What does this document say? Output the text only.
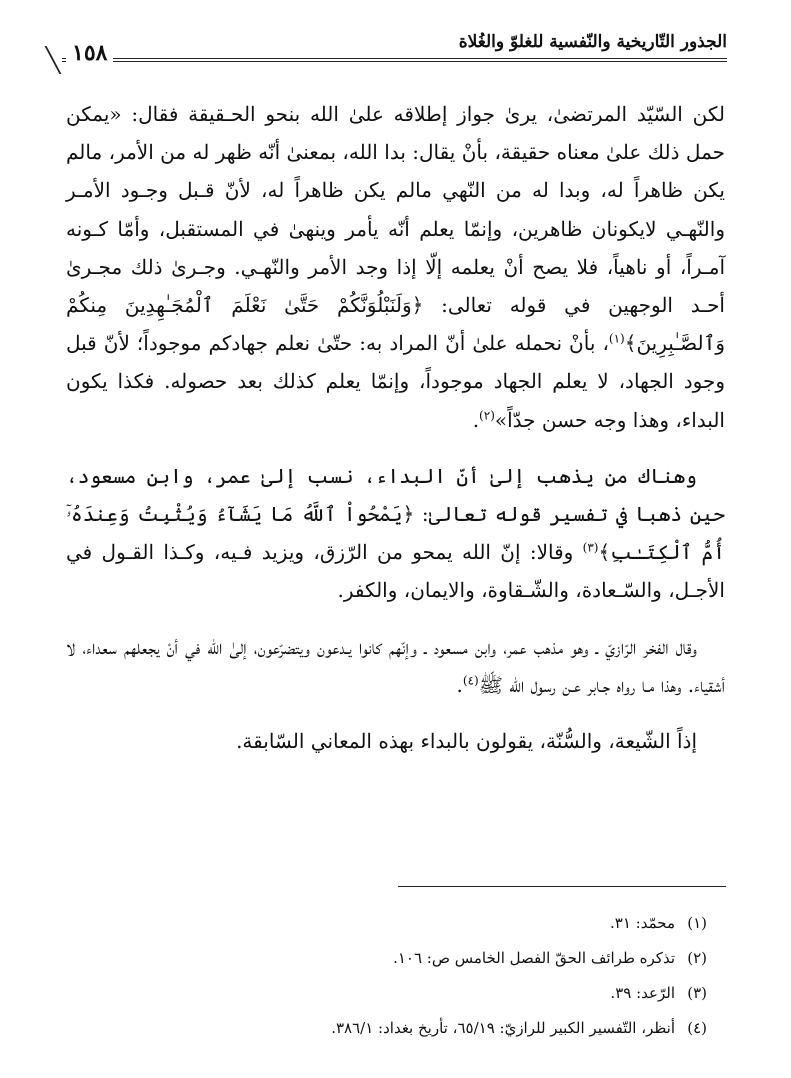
الجذور التّاريخية والنّفسية للغلوّ والغُلاة
١٥٨

لكن السّيّد المرتضىٰ، يرىٰ جواز إطلاقه علىٰ الله بنحو الحـقيقة فقال: «يمكن حمل ذلك علىٰ معناه حقيقة، بأنْ يقال: بدا الله، بمعنىٰ أنّه ظهر له من الأمر، مالم يكن ظاهراً له، وبدا له من النّهي مالم يكن ظاهراً له، لأنّ قـبل وجـود الأمـر والنّهـي لايكونان ظاهرين، وإنمّا يعلم أنّه يأمر وينهىٰ في المستقبل، وأمّا كـونه آمـراً، أو ناهياً، فلا يصح أنْ يعلمه إلّا إذا وجد الأمر والنّهـي. وجـرىٰ ذلك مجـرىٰ أحـد الوجهين في قوله تعالى: ﴿وَلَنَبْلُوَنَّكُمْ حَتَّىٰ نَعْلَمَ ٱلْمُجَـٰهِدِينَ مِنكُمْ وَٱلصَّـٰبِرِينَ﴾$^{(١)}$، بأنْ نحمله علىٰ أنّ المراد به: حتّىٰ نعلم جهادكم موجوداً؛ لأنّ قبل وجود الجهاد، لا يعلم الجهاد موجوداً، وإنمّا يعلم كذلك بعد حصوله. فكذا يكون البداء، وهذا وجه حسن جدّاً»$^{(٢)}$.

وهناك من يذهب إلىٰ أنّ البداء، نسب إلىٰ عمر، وابن مسعود، حين ذهبا في تفسير قوله تعالىٰ: ﴿يَمْحُواْ ٱللَّهُ مَا يَشَآءُ وَيُثْبِتُ وَعِندَهُۥٓ أُمُّ ٱلْكِتَـٰبِ﴾$^{(٣)}$ وقالا: إنّ الله يمحو من الرّزق، ويزيد فـيه، وكـذا القـول في الأجـل، والسّـعادة، والشّـقاوة، والايمان، والكفر.

وقال الفخر الرّازيّ ـ وهو مذهب عمر، وابن مسعود ـ وإنّهم كانوا يـدعون ويتضرّعون، إلىٰ الله في أنْ يجعلهم سعداء، لا أشقياء. وهذا مـا رواه جـابر عـن رسول الله ﷺ$^{(٤)}$.

إذاً الشّيعة، والسُّنّة، يقولون بالبداء بهذه المعاني السّابقة.

(١)محمّد: ٣١.
(٢)تذكره طرائف الحقّ الفصل الخامس ص: ١٠٦.
(٣)الرّعد: ٣٩.
(٤)أنظر، التّفسير الكبير للرازيّ: ٦٥/١٩، تأريخ بغداد: ٣٨٦/١.
